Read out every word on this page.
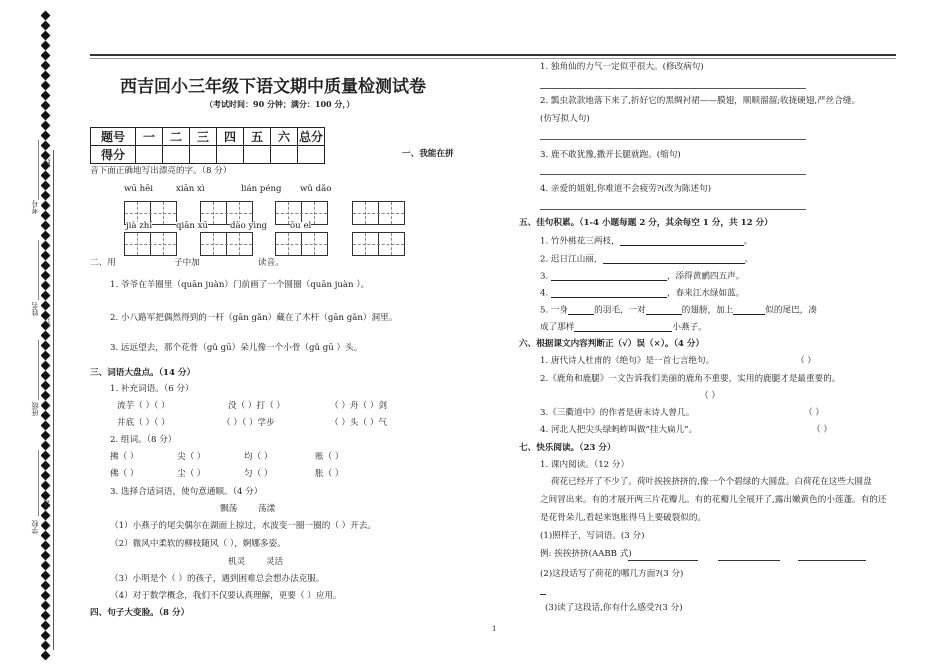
考号
姓名
班级
学校
线
订
装
西吉回小三年级下语文期中质量检测试卷
（考试时间：90 分钟；满分：100 分，）
题号	一	二	三	四	五	六	总分
得分								一、我能在拼
音下面正确地写出漂亮的字。（8 分）
wū hēi	xiān xì	lián péng wǔ dǎo
jià zhí	qiān xū	dào yìng	ōu el
二、用	子中加	读音。
1. 爷爷在羊圈里（quān juàn）门前画了一个圆圈（quān juàn ）。
2. 小八路军把偶然得到的一杆（gān gǎn）藏在了木杆（gān gǎn）洞里。
3. 远远望去，那个花骨（gǔ gū）朵儿像一个小骨（gǔ gū ）头。
三、词语大盘点。（14 分）
1. 补充词语。（6 分）
流芋（ ）（ ）	没（ ）打（ ）	（ ）舟（ ）剑
井底（ ）（ ）	（ ）（ ）学步	（ ）头（ ）气
2. 组词。（8 分）
拂（ ）	尖（ ）	均（ ）	账（ ）
佛（ ）	尘（ ）	匀（ ）	胀（ ）
3. 选择合适词语，使句意通顺。（4 分）
飘荡 荡漾
（1）小燕子的尾尖偶尔在湖面上掠过，水波变一圈一圈的（ ）开去。
（2）微风中柔软的柳枝随风（ ），婀娜多姿。
机灵 灵活
（3）小明是个（ ）的孩子，遇到困难总会想办法克服。
（4）对于数学概念，我们不仅要认真理解，更要（ ）应用。
四、句子大变脸。（8 分）
1. 独角仙的力气一定似乎很大。(修改病句)
2. 瓢虫款款地落下来了,折好它的黑绸衬裙——膜翅，顺顺溜溜;收拢硬翅,严丝合缝。
(仿写拟人句)
3. 鹿不敢犹豫,撒开长腿就跑。(缩句)
4. 亲爱的姐姐,你难道不会疲劳?(改为陈述句)
五、佳句积累。（1-4 小题每题 2 分，其余每空 1 分，共 12 分）
1. 竹外桃花三两枝，	。
2. 迟日江山丽，	。
3.	，添得黄鹂四五声。
4.	，春来江水绿如蓝。
5. 一身	的羽毛，一对	的翅膀，加上	似的尾巴，凑
成了那样	小燕子。
六、根据课文内容判断正（√）误（×）。（4 分）
1. 唐代诗人杜甫的《绝句》是一首七言绝句。	（ ）
2.《鹿角和鹿腿》一文告诉我们美丽的鹿角不重要，实用的鹿腿才是最重要的。
（ ）
3.《三衢道中》的作者是唐末诗人曾几。	（ ）
4. 河北人把尖头绿蚂蚱叫做“挂大扁儿”。	（ ）
七、快乐阅读。（23 分）
1. 课内阅读。（12 分）
荷花已经开了不少了。荷叶挨挨挤挤的,像一个个碧绿的大圆盘。白荷花在这些大圆盘
之间冒出来。有的才展开两三片花瓣儿。有的花瓣儿全展开了,露出嫩黄色的小莲蓬。有的还
是花骨朵儿,看起来饱胀得马上要破裂似的。
(1)照样子，写词语。(3 分)
例: 挨挨挤挤(AABB 式)
(2)这段话写了荷花的哪几方面?(3 分)
(3)读了这段话,你有什么感受?(3 分)
1
